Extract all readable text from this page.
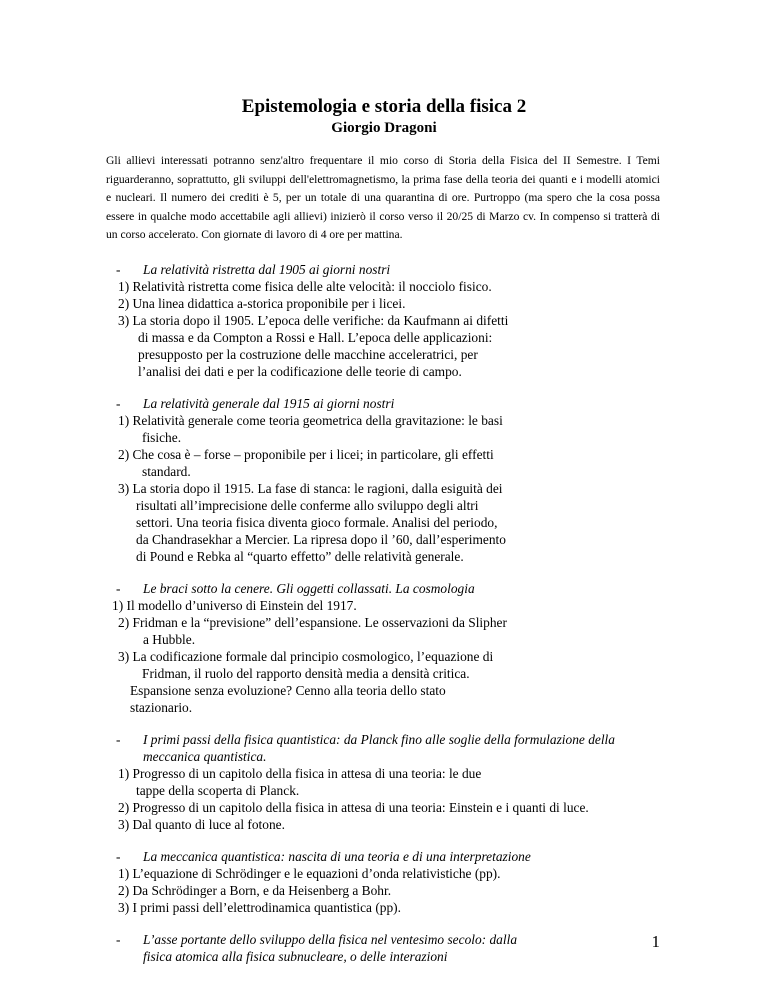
Epistemologia e storia della fisica 2
Giorgio Dragoni
Gli allievi interessati potranno senz'altro frequentare il mio corso di Storia della Fisica del II Semestre. I Temi riguarderanno, soprattutto, gli sviluppi dell'elettromagnetismo, la prima fase della teoria dei quanti e i modelli atomici e nucleari. Il numero dei crediti è 5, per un totale di una quarantina di ore. Purtroppo (ma spero che la cosa possa essere in qualche modo accettabile agli allievi) inizierò il corso verso il 20/25 di Marzo cv. In compenso si tratterà di un corso accelerato. Con giornate di lavoro di 4 ore per mattina.
- La relatività ristretta dal 1905 ai giorni nostri
1) Relatività ristretta come fisica delle alte velocità: il nocciolo fisico.
2) Una linea didattica a-storica proponibile per i licei.
3) La storia dopo il 1905. L’epoca delle verifiche: da Kaufmann ai difetti
di massa e da Compton a Rossi e Hall. L’epoca delle applicazioni:
presupposto per la costruzione delle macchine acceleratrici, per
l’analisi dei dati e per la codificazione delle teorie di campo.
- La relatività generale dal 1915 ai giorni nostri
1) Relatività generale come teoria geometrica della gravitazione: le basi
fisiche.
2) Che cosa è – forse – proponibile per i licei; in particolare, gli effetti
standard.
3) La storia dopo il 1915. La fase di stanca: le ragioni, dalla esiguità dei
risultati all’imprecisione delle conferme allo sviluppo degli altri
settori. Una teoria fisica diventa gioco formale. Analisi del periodo,
da Chandrasekhar a Mercier. La ripresa dopo il ’60, dall’esperimento
di Pound e Rebka al “quarto effetto” delle relatività generale.
- Le braci sotto la cenere. Gli oggetti collassati. La cosmologia
1) Il modello d’universo di Einstein del 1917.
2) Fridman e la “previsione” dell’espansione. Le osservazioni da Slipher
a Hubble.
3) La codificazione formale dal principio cosmologico, l’equazione di
Fridman, il ruolo del rapporto densità media a densità critica.
Espansione senza evoluzione? Cenno alla teoria dello stato
stazionario.
- I primi passi della fisica quantistica: da Planck fino alle soglie della formulazione della
meccanica quantistica.
1) Progresso di un capitolo della fisica in attesa di una teoria: le due
tappe della scoperta di Planck.
2) Progresso di un capitolo della fisica in attesa di una teoria: Einstein e i quanti di luce.
3) Dal quanto di luce al fotone.
- La meccanica quantistica: nascita di una teoria e di una interpretazione
1) L’equazione di Schrödinger e le equazioni d’onda relativistiche (pp).
2) Da Schrödinger a Born, e da Heisenberg a Bohr.
3) I primi passi dell’elettrodinamica quantistica (pp).
- L’asse portante dello sviluppo della fisica nel ventesimo secolo: dalla	1
fisica atomica alla fisica subnucleare, o delle interazioni
